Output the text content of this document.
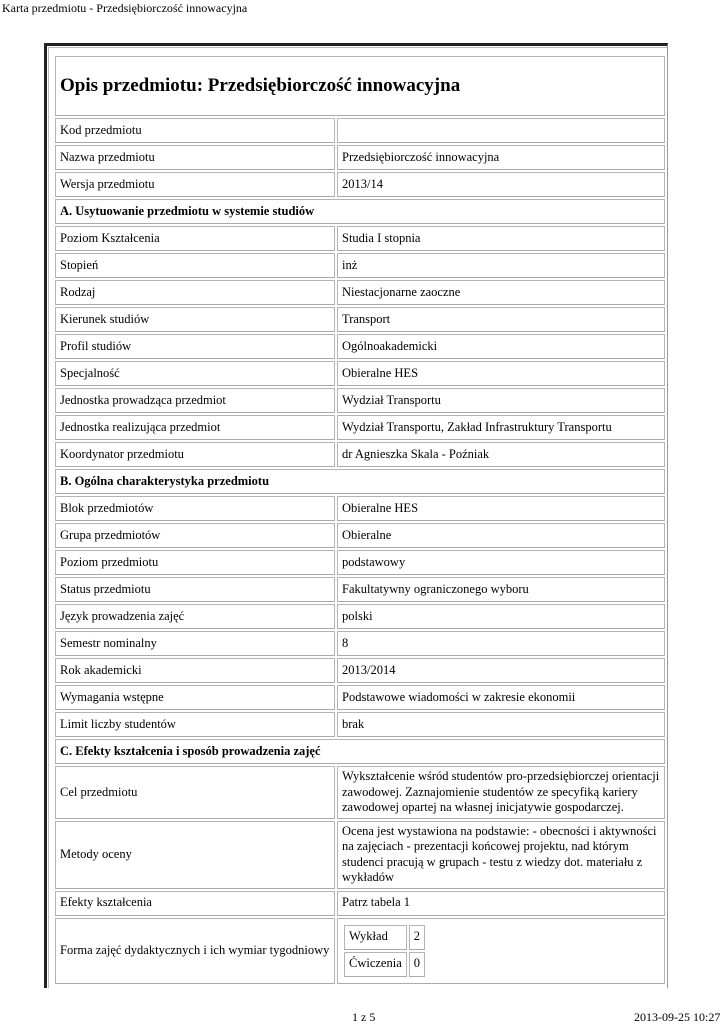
Karta przedmiotu - Przedsiębiorczość innowacyjna
Opis przedmiotu: Przedsiębiorczość innowacyjna
Kod przedmiotu	
Nazwa przedmiotu	Przedsiębiorczość innowacyjna
Wersja przedmiotu	2013/14
A. Usytuowanie przedmiotu w systemie studiów
Poziom Kształcenia	Studia I stopnia
Stopień	inż
Rodzaj	Niestacjonarne zaoczne
Kierunek studiów	Transport
Profil studiów	Ogólnoakademicki
Specjalność	Obieralne HES
Jednostka prowadząca przedmiot	Wydział Transportu
Jednostka realizująca przedmiot	Wydział Transportu, Zakład Infrastruktury Transportu
Koordynator przedmiotu	dr Agnieszka Skala - Poźniak
B. Ogólna charakterystyka przedmiotu
Blok przedmiotów	Obieralne HES
Grupa przedmiotów	Obieralne
Poziom przedmiotu	podstawowy
Status przedmiotu	Fakultatywny ograniczonego wyboru
Język prowadzenia zajęć	polski
Semestr nominalny	8
Rok akademicki	2013/2014
Wymagania wstępne	Podstawowe wiadomości w zakresie ekonomii
Limit liczby studentów	brak
C. Efekty kształcenia i sposób prowadzenia zajęć
Cel przedmiotu	Wykształcenie wśród studentów pro-przedsiębiorczej orientacji zawodowej. Zaznajomienie studentów ze specyfiką kariery zawodowej opartej na własnej inicjatywie gospodarczej.
Metody oceny	Ocena jest wystawiona na podstawie: - obecności i aktywności na zajęciach - prezentacji końcowej projektu, nad którym studenci pracują w grupach - testu z wiedzy dot. materiału z wykładów
Efekty kształcenia	Patrz tabela 1
Forma zajęć dydaktycznych i ich wymiar tygodniowy	
Wykład	2
Ćwiczenia	0
1 z 5	2013-09-25 10:27
